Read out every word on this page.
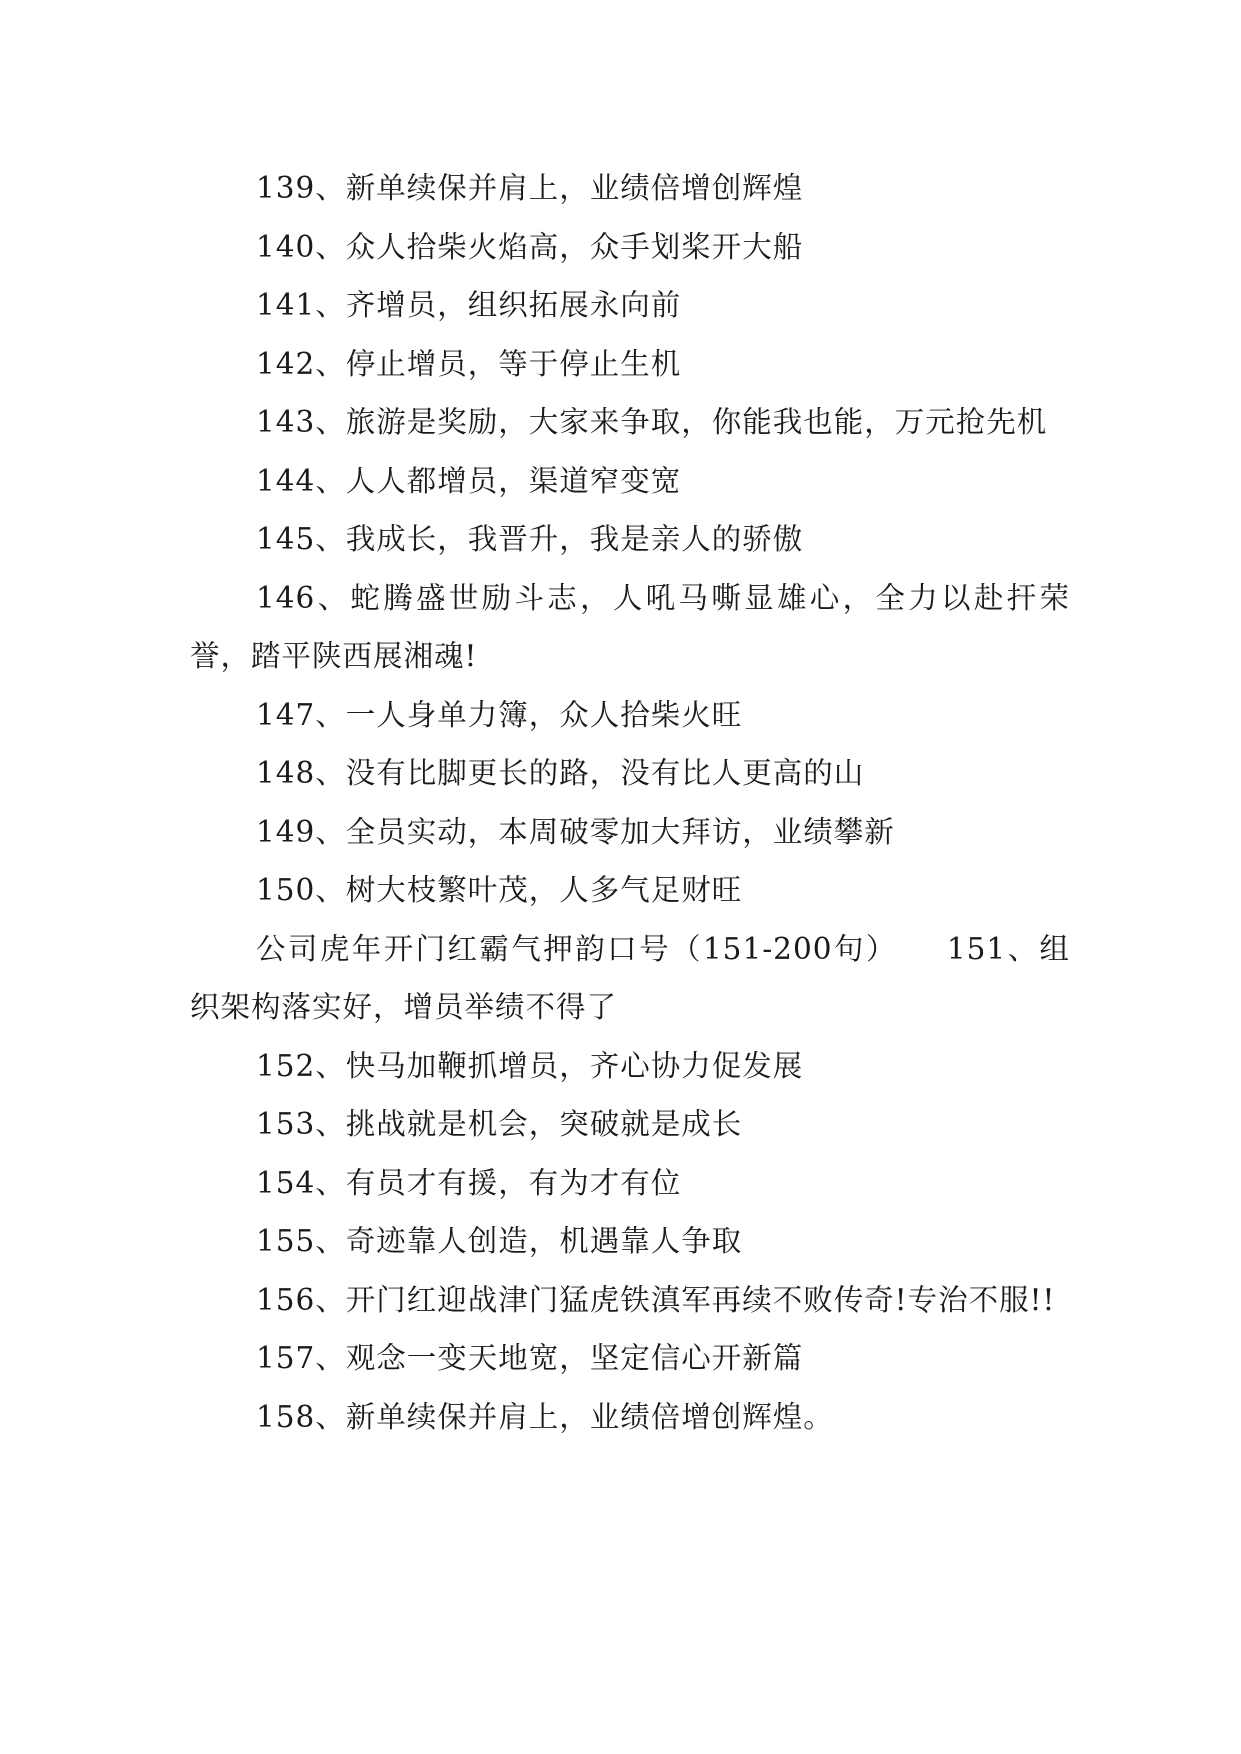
139、新单续保并肩上，业绩倍增创辉煌

140、众人拾柴火焰高，众手划桨开大船

141、齐增员，组织拓展永向前

142、停止增员，等于停止生机

143、旅游是奖励，大家来争取，你能我也能，万元抢先机

144、人人都增员，渠道窄变宽

145、我成长，我晋升，我是亲人的骄傲

146、蛇腾盛世励斗志，人吼马嘶显雄心，全力以赴扞荣誉，踏平陕西展湘魂!

147、一人身单力簿，众人拾柴火旺

148、没有比脚更长的路，没有比人更高的山

149、全员实动，本周破零加大拜访，业绩攀新

150、树大枝繁叶茂，人多气足财旺

公司虎年开门红霸气押韵口号（151-200句）　　151、组织架构落实好，增员举绩不得了

152、快马加鞭抓增员，齐心协力促发展

153、挑战就是机会，突破就是成长

154、有员才有援，有为才有位

155、奇迹靠人创造，机遇靠人争取

156、开门红迎战津门猛虎铁滇军再续不败传奇!专治不服!!

157、观念一变天地宽，坚定信心开新篇

158、新单续保并肩上，业绩倍增创辉煌。
